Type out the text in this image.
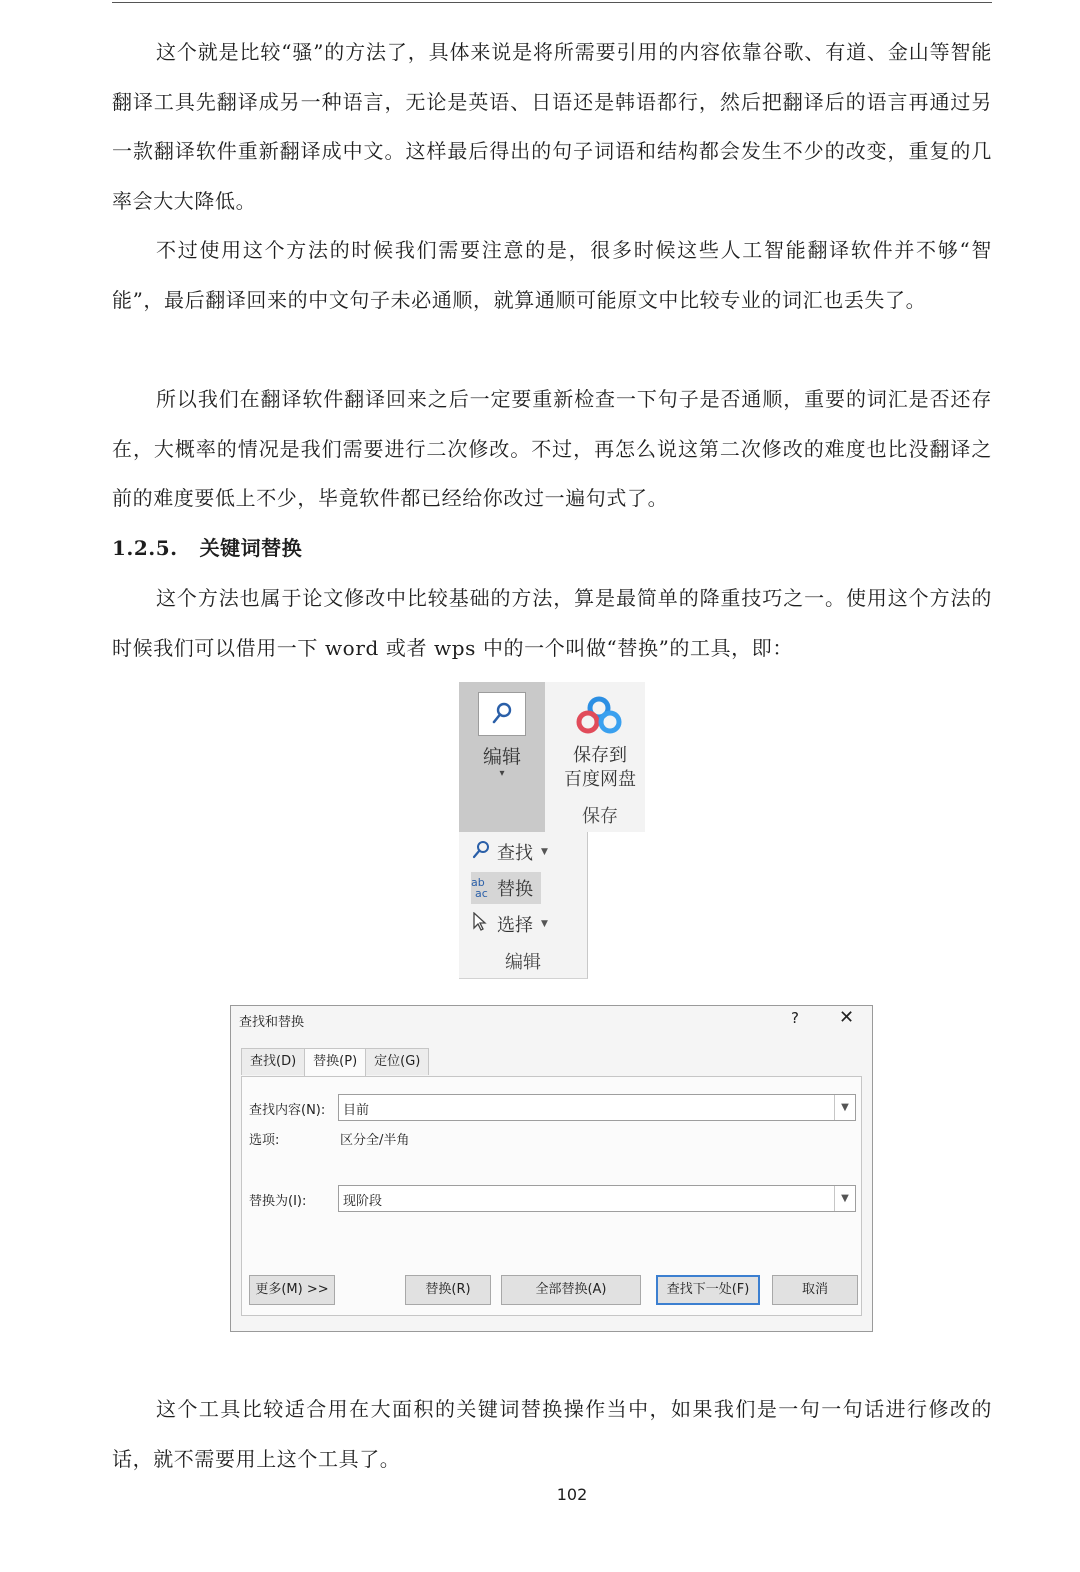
这个就是比较“骚”的方法了，具体来说是将所需要引用的内容依靠谷歌、有道、金山等智能翻译工具先翻译成另一种语言，无论是英语、日语还是韩语都行，然后把翻译后的语言再通过另一款翻译软件重新翻译成中文。这样最后得出的句子词语和结构都会发生不少的改变，重复的几率会大大降低。

不过使用这个方法的时候我们需要注意的是，很多时候这些人工智能翻译软件并不够“智能”，最后翻译回来的中文句子未必通顺，就算通顺可能原文中比较专业的词汇也丢失了。

所以我们在翻译软件翻译回来之后一定要重新检查一下句子是否通顺，重要的词汇是否还存在，大概率的情况是我们需要进行二次修改。不过，再怎么说这第二次修改的难度也比没翻译之前的难度要低上不少，毕竟软件都已经给你改过一遍句式了。

1.2.5. 关键词替换

这个方法也属于论文修改中比较基础的方法，算是最简单的降重技巧之一。使用这个方法的时候我们可以借用一下 word 或者 wps 中的一个叫做“替换”的工具，即：

编辑
▾
保存到
百度网盘
保存
查找 ▼
ab
ac 替换
选择 ▼
编辑
查找和替换	? ✕
查找(D)	替换(P)	定位(G)
查找内容(N): 目前	▼
选项:	区分全/半角
替换为(I):	现阶段	▼
更多(M) >>	替换(R)	全部替换(A)	查找下一处(F)	取消

这个工具比较适合用在大面积的关键词替换操作当中，如果我们是一句一句话进行修改的话，就不需要用上这个工具了。

102
